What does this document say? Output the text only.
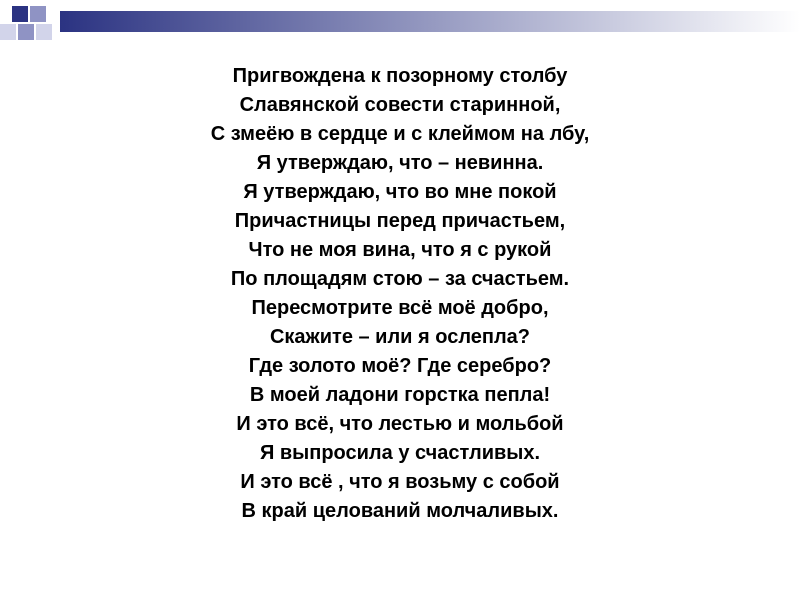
Пригвождена к позорному столбу
Славянской совести старинной,
С змеёю в сердце и с клеймом на лбу,
Я утверждаю, что – невинна.
Я утверждаю, что во мне покой
Причастницы перед причастьем,
Что не моя вина, что я с рукой
По площадям стою – за счастьем.
Пересмотрите всё моё добро,
Скажите – или я ослепла?
Где золото моё? Где серебро?
В моей ладони горстка пепла!
И это всё, что лестью и мольбой
Я выпросила у счастливых.
И это всё , что я возьму с собой
В край целований молчаливых.
